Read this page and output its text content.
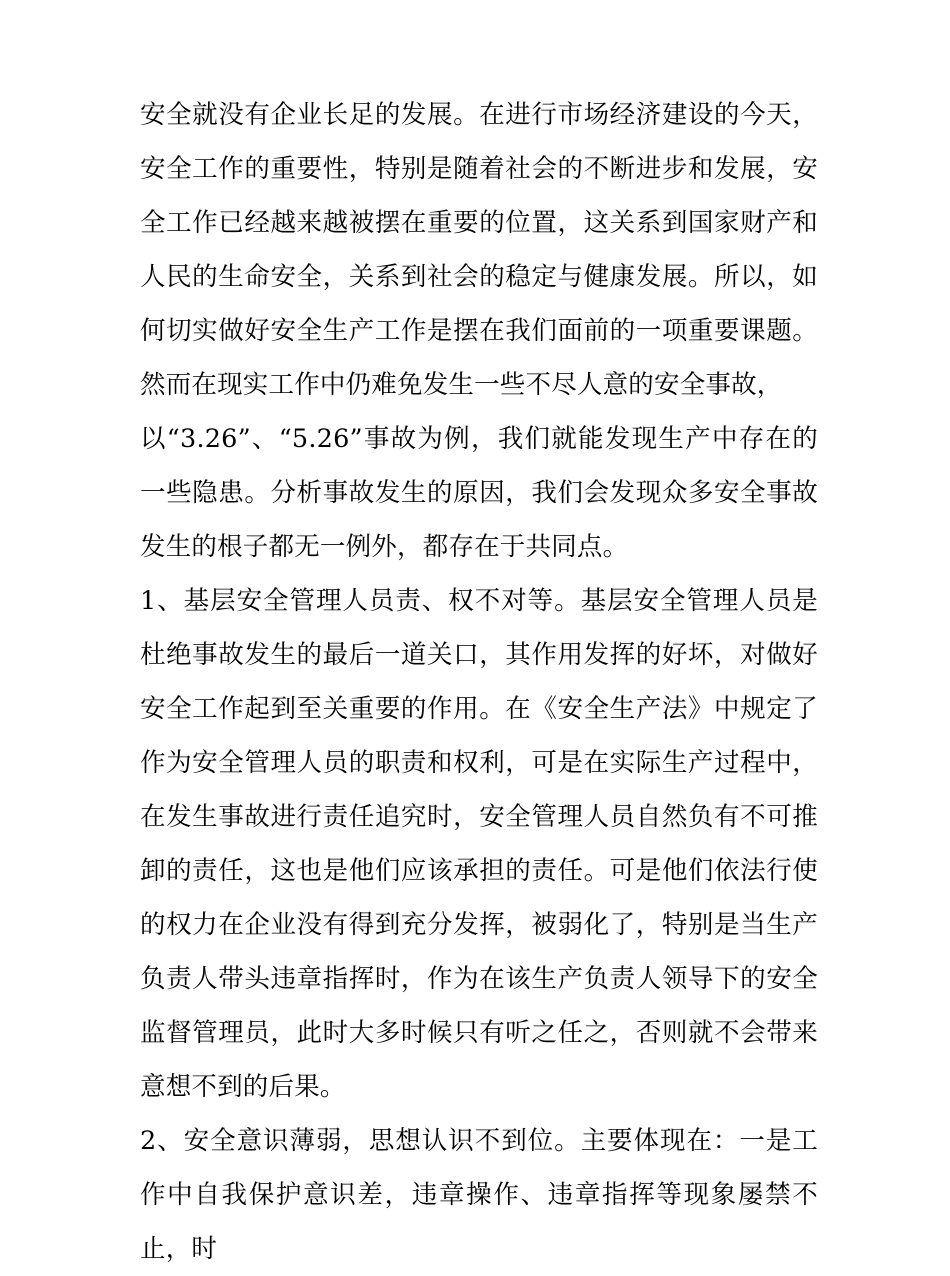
安全就没有企业长足的发展。在进行市场经济建设的今天，安全工作的重要性，特别是随着社会的不断进步和发展，安全工作已经越来越被摆在重要的位置，这关系到国家财产和人民的生命安全，关系到社会的稳定与健康发展。所以，如何切实做好安全生产工作是摆在我们面前的一项重要课题。然而在现实工作中仍难免发生一些不尽人意的安全事故，

以“3.26”、“5.26”事故为例，我们就能发现生产中存在的一些隐患。分析事故发生的原因，我们会发现众多安全事故发生的根子都无一例外，都存在于共同点。

1、基层安全管理人员责、权不对等。基层安全管理人员是杜绝事故发生的最后一道关口，其作用发挥的好坏，对做好安全工作起到至关重要的作用。在《安全生产法》中规定了作为安全管理人员的职责和权利，可是在实际生产过程中，在发生事故进行责任追究时，安全管理人员自然负有不可推卸的责任，这也是他们应该承担的责任。可是他们依法行使的权力在企业没有得到充分发挥，被弱化了，特别是当生产负责人带头违章指挥时，作为在该生产负责人领导下的安全监督管理员，此时大多时候只有听之任之，否则就不会带来意想不到的后果。

2、安全意识薄弱，思想认识不到位。主要体现在：一是工作中自我保护意识差，违章操作、违章指挥等现象屡禁不止，时
